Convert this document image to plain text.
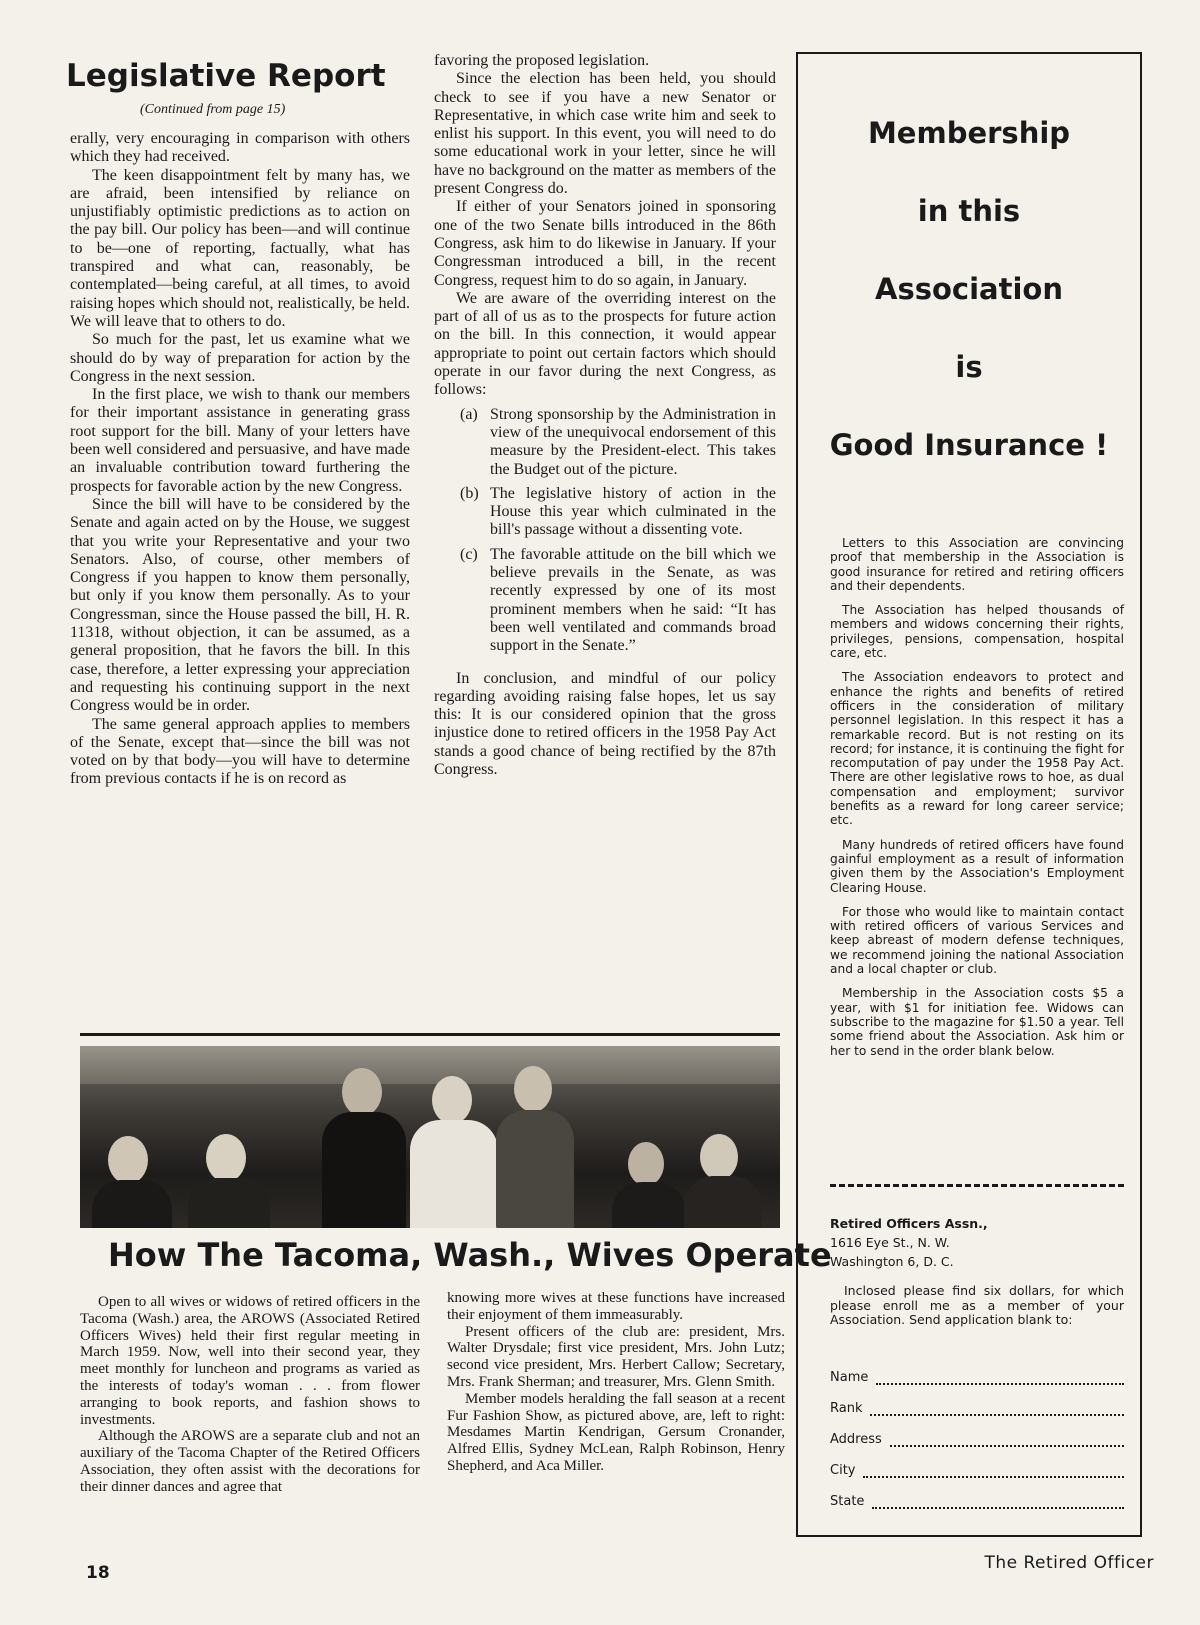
Legislative Report
(Continued from page 15)

erally, very encouraging in comparison with others which they had received.

The keen disappointment felt by many has, we are afraid, been intensified by reliance on unjustifiably optimistic predictions as to action on the pay bill. Our policy has been—and will continue to be—one of reporting, factually, what has transpired and what can, reasonably, be contemplated—being careful, at all times, to avoid raising hopes which should not, realistically, be held. We will leave that to others to do.

So much for the past, let us examine what we should do by way of preparation for action by the Congress in the next session.

In the first place, we wish to thank our members for their important assistance in generating grass root support for the bill. Many of your letters have been well considered and persuasive, and have made an invaluable contribution toward furthering the prospects for favorable action by the new Congress.

Since the bill will have to be considered by the Senate and again acted on by the House, we suggest that you write your Representative and your two Senators. Also, of course, other members of Congress if you happen to know them personally, but only if you know them personally. As to your Congressman, since the House passed the bill, H. R. 11318, without objection, it can be assumed, as a general proposition, that he favors the bill. In this case, therefore, a letter expressing your appreciation and requesting his continuing support in the next Congress would be in order.

The same general approach applies to members of the Senate, except that—since the bill was not voted on by that body—you will have to determine from previous contacts if he is on record as

favoring the proposed legislation.

Since the election has been held, you should check to see if you have a new Senator or Representative, in which case write him and seek to enlist his support. In this event, you will need to do some educational work in your letter, since he will have no background on the matter as members of the present Congress do.

If either of your Senators joined in sponsoring one of the two Senate bills introduced in the 86th Congress, ask him to do likewise in January. If your Congressman introduced a bill, in the recent Congress, request him to do so again, in January.

We are aware of the overriding interest on the part of all of us as to the prospects for future action on the bill. In this connection, it would appear appropriate to point out certain factors which should operate in our favor during the next Congress, as follows:

(a) Strong sponsorship by the Administration in view of the unequivocal endorsement of this measure by the President-elect. This takes the Budget out of the picture.
(b) The legislative history of action in the House this year which culminated in the bill's passage without a dissenting vote.
(c) The favorable attitude on the bill which we believe prevails in the Senate, as was recently expressed by one of its most prominent members when he said: “It has been well ventilated and commands broad support in the Senate.”

In conclusion, and mindful of our policy regarding avoiding raising false hopes, let us say this: It is our considered opinion that the gross injustice done to retired officers in the 1958 Pay Act stands a good chance of being rectified by the 87th Congress.

How The Tacoma, Wash., Wives Operate

Open to all wives or widows of retired officers in the Tacoma (Wash.) area, the AROWS (Associated Retired Officers Wives) held their first regular meeting in March 1959. Now, well into their second year, they meet monthly for luncheon and programs as varied as the interests of today's woman . . . from flower arranging to book reports, and fashion shows to investments.

Although the AROWS are a separate club and not an auxiliary of the Tacoma Chapter of the Retired Officers Association, they often assist with the decorations for their dinner dances and agree that

knowing more wives at these functions have increased their enjoyment of them immeasurably.

Present officers of the club are: president, Mrs. Walter Drysdale; first vice president, Mrs. John Lutz; second vice president, Mrs. Herbert Callow; Secretary, Mrs. Frank Sherman; and treasurer, Mrs. Glenn Smith.

Member models heralding the fall season at a recent Fur Fashion Show, as pictured above, are, left to right: Mesdames Martin Kendrigan, Gersum Cronander, Alfred Ellis, Sydney McLean, Ralph Robinson, Henry Shepherd, and Aca Miller.

Membership
in this
Association
is
Good Insurance !

Letters to this Association are convincing proof that membership in the Association is good insurance for retired and retiring officers and their dependents.

The Association has helped thousands of members and widows concerning their rights, privileges, pensions, compensation, hospital care, etc.

The Association endeavors to protect and enhance the rights and benefits of retired officers in the consideration of military personnel legislation. In this respect it has a remarkable record. But is not resting on its record; for instance, it is continuing the fight for recomputation of pay under the 1958 Pay Act. There are other legislative rows to hoe, as dual compensation and employment; survivor benefits as a reward for long career service; etc.

Many hundreds of retired officers have found gainful employment as a result of information given them by the Association's Employment Clearing House.

For those who would like to maintain contact with retired officers of various Services and keep abreast of modern defense techniques, we recommend joining the national Association and a local chapter or club.

Membership in the Association costs $5 a year, with $1 for initiation fee. Widows can subscribe to the magazine for $1.50 a year. Tell some friend about the Association. Ask him or her to send in the order blank below.

Retired Officers Assn.,
1616 Eye St., N. W.
Washington 6, D. C.
Inclosed please find six dollars, for which please enroll me as a member of your Association. Send application blank to:
Name
Rank
Address
City
State
18	The Retired Officer
